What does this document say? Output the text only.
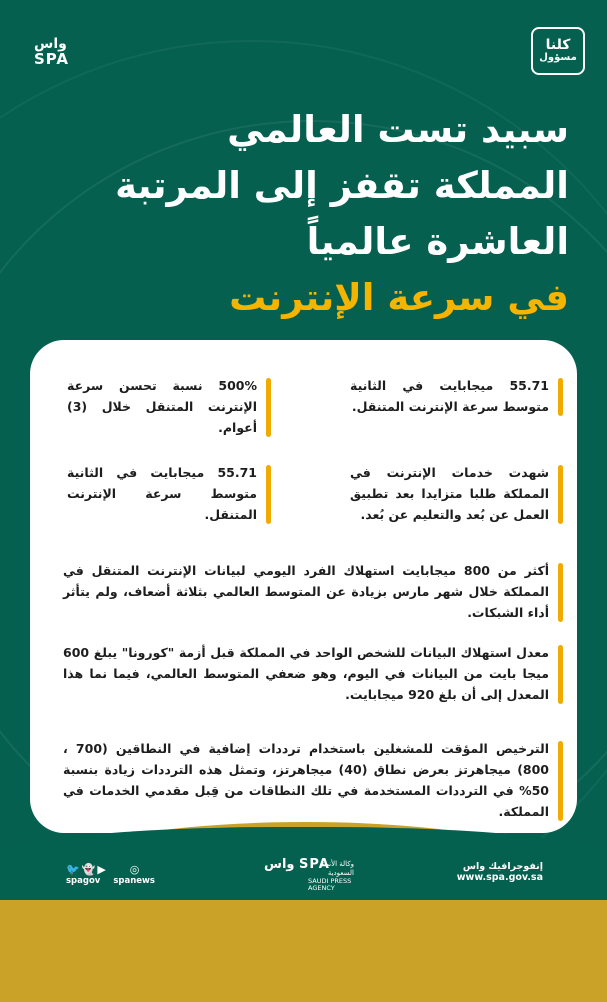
واس
SPA
كلنا
مسؤول
سبيد تست العالمي
المملكة تقفز إلى المرتبة
العاشرة عالمياً
في سرعة الإنترنت
55.71 ميجابايت في الثانية متوسط سرعة الإنترنت المتنقل.
500% نسبة تحسن سرعة الإنترنت المتنقل خلال (3) أعوام.
شهدت خدمات الإنترنت في المملكة طلبا متزايدا بعد تطبيق العمل عن بُعد والتعليم عن بُعد.
55.71 ميجابايت في الثانية متوسط سرعة الإنترنت المتنقل.
أكثر من 800 ميجابايت استهلاك الفرد اليومي لبيانات الإنترنت المتنقل في المملكة خلال شهر مارس بزيادة عن المتوسط العالمي بثلاثة أضعاف، ولم يتأثر أداء الشبكات.
معدل استهلاك البيانات للشخص الواحد في المملكة قبل أزمة "كورونا" يبلغ 600 ميجا بايت من البيانات في اليوم، وهو ضعفي المتوسط العالمي، فيما نما هذا المعدل إلى أن بلغ 920 ميجابايت.
الترخيص المؤقت للمشغلين باستخدام ترددات إضافية في النطاقين (700 ، 800) ميجاهرتز بعرض نطاق (40) ميجاهرتز، وتمثل هذه الترددات زيادة بنسبة 50% في الترددات المستخدمة في تلك النطاقات من قِبل مقدمي الخدمات في المملكة.
🐦👻▶ ◎
spagov spanews
واس SPA
وكالة الأنباء السعودية
SAUDI PRESS AGENCY
إنفوجرافيك واس
www.spa.gov.sa
